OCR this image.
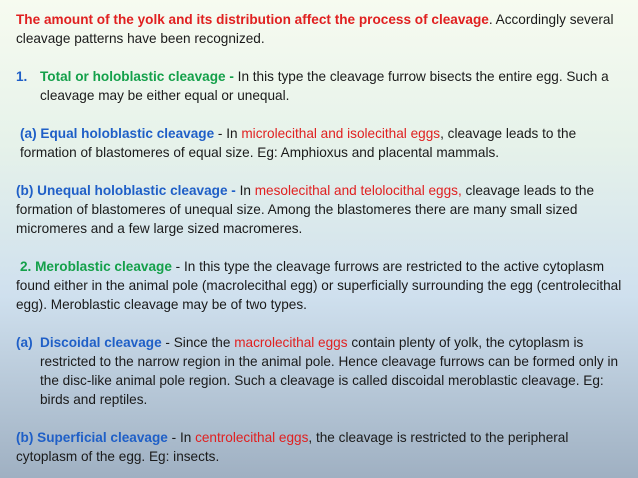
The amount of the yolk and its distribution affect the process of cleavage. Accordingly several cleavage patterns have been recognized.

1. Total or holoblastic cleavage - In this type the cleavage furrow bisects the entire egg. Such a cleavage may be either equal or unequal.

(a) Equal holoblastic cleavage - In microlecithal and isolecithal eggs, cleavage leads to the formation of blastomeres of equal size. Eg: Amphioxus and placental mammals.

(b) Unequal holoblastic cleavage - In mesolecithal and telolocithal eggs, cleavage leads to the formation of blastomeres of unequal size. Among the blastomeres there are many small sized micromeres and a few large sized macromeres.

2. Meroblastic cleavage - In this type the cleavage furrows are restricted to the active cytoplasm found either in the animal pole (macrolecithal egg) or superficially surrounding the egg (centrolecithal egg). Meroblastic cleavage may be of two types.

(a) Discoidal cleavage - Since the macrolecithal eggs contain plenty of yolk, the cytoplasm is restricted to the narrow region in the animal pole. Hence cleavage furrows can be formed only in the disc-like animal pole region. Such a cleavage is called discoidal meroblastic cleavage. Eg: birds and reptiles.

(b) Superficial cleavage - In centrolecithal eggs, the cleavage is restricted to the peripheral cytoplasm of the egg. Eg: insects.
